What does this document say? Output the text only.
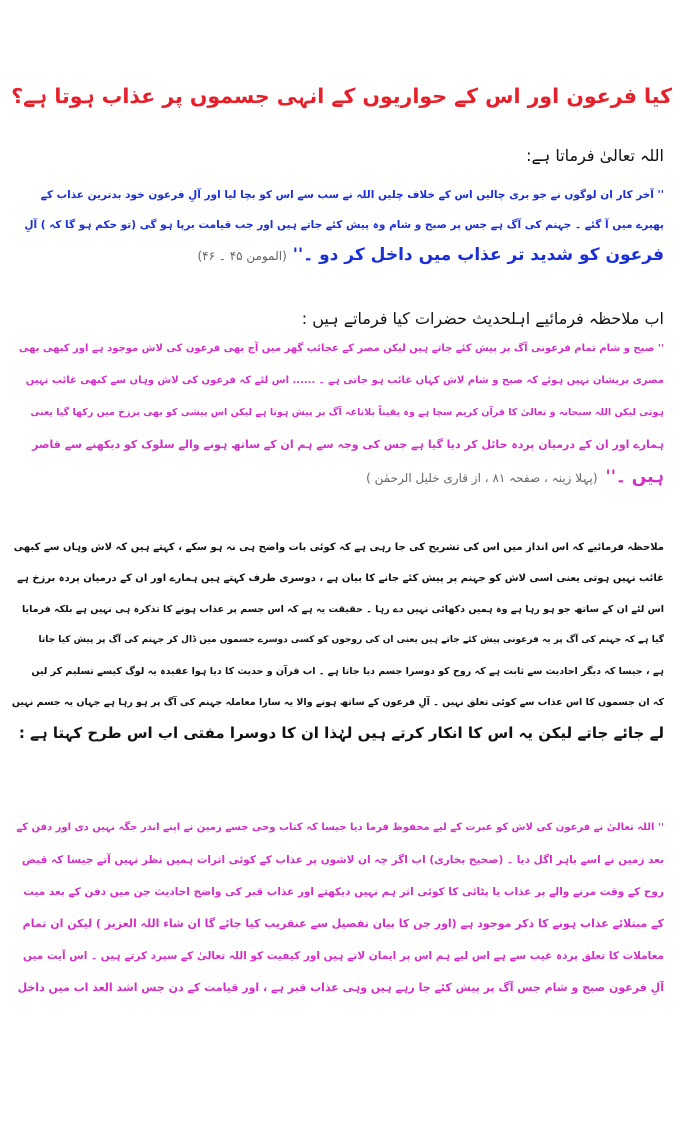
کیا فرعون اور اس کے حواریوں کے انہی جسموں پر عذاب ہوتا ہے؟
اللہ تعالیٰ فرماتا ہے:
'' آخر کار ان لوگوں نے جو بری چالیں اس کے خلاف چلیں اللہ نے سب سے اس کو بچا لیا اور آلِ فرعون خود بدترین عذاب کے
پھیرے میں آ گئے ۔ جہنم کی آگ ہے جس پر صبح و شام وہ پیش کئے جاتے ہیں اور جب قیامت برپا ہو گی (تو حکم ہو گا کہ ) آلِ
فرعون کو شدید تر عذاب میں داخل کر دو ۔''(المومن ۴۵ ۔ ۴۶)
اب ملاحظہ فرمائیے اہلحدیث حضرات کیا فرماتے ہیں :
'' صبح و شام تمام فرعونی آگ پر پیش کئے جاتے ہیں لیکن مصر کے عجائب گھر میں آج بھی فرعون کی لاش موجود ہے اور کبھی بھی
مصری پریشان نہیں ہوئے کہ صبح و شام لاش کہاں غائب ہو جاتی ہے ۔ ...... اس لئے کہ فرعون کی لاش وہاں سے کبھی غائب نہیں
ہوتی لیکن اللہ سبحانہ و تعالیٰ کا قرآن کریم سچا ہے وہ یقیناً بلاناغہ آگ پر پیش ہوتا ہے لیکن اس پیشی کو بھی برزخ میں رکھا گیا یعنی
ہمارے اور ان کے درمیان پردہ حائل کر دیا گیا ہے جس کی وجہ سے ہم ان کے ساتھ ہونے والے سلوک کو دیکھنے سے قاصر
ہیں ۔''(پہلا زینہ ، صفحہ ۸۱ ، از قاری خلیل الرحمٰن )
ملاحظہ فرمائیے کہ اس انداز میں اس کی تشریح کی جا رہی ہے کہ کوئی بات واضح ہی نہ ہو سکے ، کہتے ہیں کہ لاش وہاں سے کبھی
غائب نہیں ہوتی یعنی اسی لاش کو جہنم پر پیش کئے جانے کا بیان ہے ، دوسری طرف کہتے ہیں ہمارے اور ان کے درمیان پردہ برزخ ہے
اس لئے ان کے ساتھ جو ہو رہا ہے وہ ہمیں دکھائی نہیں دے رہا ۔ حقیقت یہ ہے کہ اس جسم پر عذاب ہونے کا تذکرہ ہی نہیں ہے بلکہ فرمایا
گیا ہے کہ جہنم کی آگ پر یہ فرعونی پیش کئے جاتے ہیں یعنی ان کی روحوں کو کسی دوسرے جسموں میں ڈال کر جہنم کی آگ پر پیش کیا جاتا
ہے ، جیسا کہ دیگر احادیث سے ثابت ہے کہ روح کو دوسرا جسم دیا جاتا ہے ۔ اب قرآن و حدیث کا دیا ہوا عقیدہ یہ لوگ کیسے تسلیم کر لیں
کہ ان جسموں کا اس عذاب سے کوئی تعلق نہیں ۔ آلِ فرعون کے ساتھ ہونے والا یہ سارا معاملہ جہنم کی آگ پر ہو رہا ہے جہاں یہ جسم نہیں
لے جائے جاتے لیکن یہ اس کا انکار کرتے ہیں لہٰذا ان کا دوسرا مفتی اب اس طرح کہتا ہے :
'' اللہ تعالیٰ نے فرعون کی لاش کو عبرت کے لیے محفوظ فرما دیا جیسا کہ کتاب وحی جسے زمین نے اپنے اندر جگہ نہیں دی اور دفن کے
بعد زمین نے اسے باہر اگل دیا ۔ (صحیح بخاری) اب اگر چہ ان لاشوں پر عذاب کے کوئی اثرات ہمیں نظر نہیں آتے جیسا کہ قبض
روح کے وقت مرنے والے پر عذاب یا پٹائی کا کوئی اثر ہم نہیں دیکھتے اور عذاب قبر کی واضح احادیث جن میں دفن کے بعد میت
کے مبتلائے عذاب ہونے کا ذکر موجود ہے (اور جن کا بیان تفصیل سے عنقریب کیا جائے گا ان شاء اللہ العزیز ) لیکن ان تمام
معاملات کا تعلق پردہ غیب سے ہے اس لیے ہم اس پر ایمان لاتے ہیں اور کیفیت کو اللہ تعالیٰ کے سپرد کرتے ہیں ۔ اس آیت میں
آلِ فرعون صبح و شام جس آگ پر پیش کئے جا رہے ہیں وہی عذاب قبر ہے ، اور قیامت کے دن جس اشد العذ اب میں داخل
